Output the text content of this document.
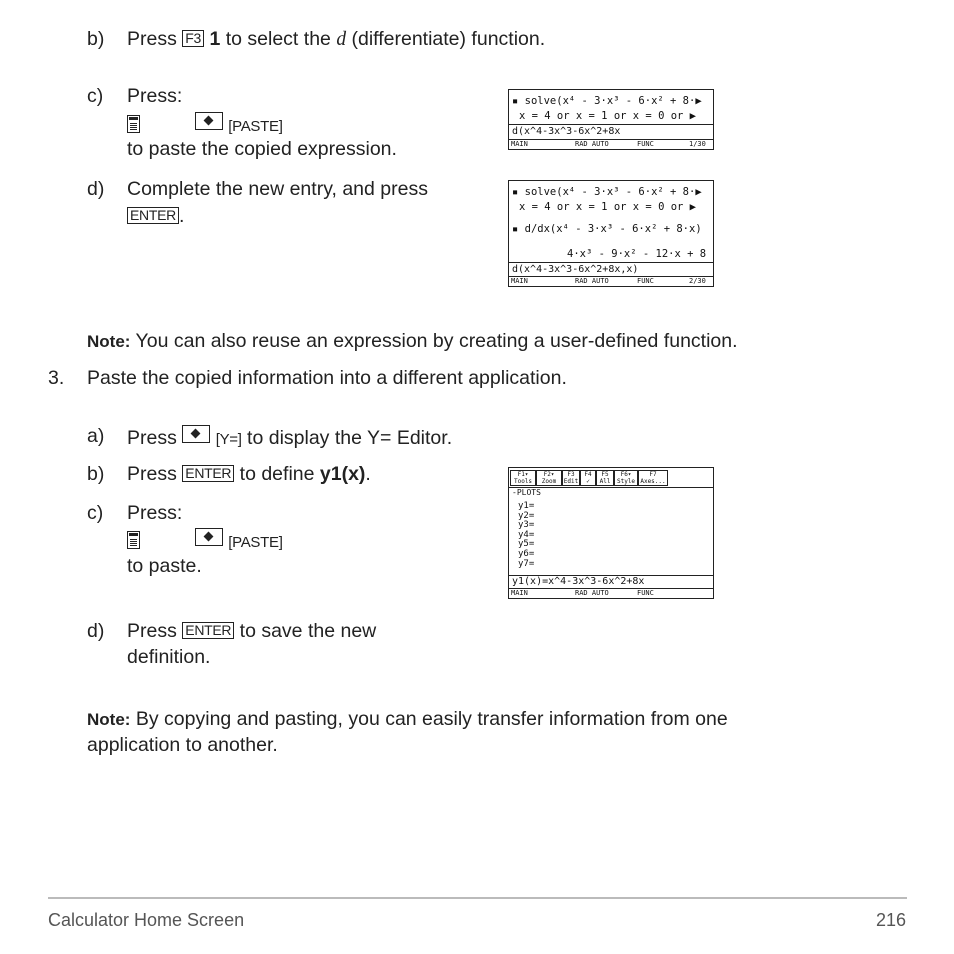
b) Press F3 1 to select the d (differentiate) function.
c) Press:

[PASTE]
to paste the copied expression.
d) Complete the new entry, and press
ENTER .
▪ solve(x⁴ - 3·x³ - 6·x² + 8·▶
x = 4 or x = 1 or x = 0 or ▶
d(x^4-3x^3-6x^2+8x
MAIN	RAD AUTO	FUNC	1/30
▪ solve(x⁴ - 3·x³ - 6·x² + 8·▶
x = 4 or x = 1 or x = 0 or ▶
▪ d/dx(x⁴ - 3·x³ - 6·x² + 8·x)
4·x³ - 9·x² - 12·x + 8
d(x^4-3x^3-6x^2+8x,x)
MAIN	RAD AUTO	FUNC	2/30
Note: You can also reuse an expression by creating a user-defined function.
3. Paste the copied information into a different application.
a) Press	[Y=] to display the Y= Editor.
b) Press ENTER to define y1(x).
c) Press:

[PASTE]
to paste.
F1▾ Tools
F2▾ Zoom
F3 Edit
F4 ✓
F5 All
F6▾ Style
F7 Axes...
-PLOTS
y1=
y2=
y3=
y4=
y5=
y6=
y7=
y1(x)=x^4-3x^3-6x^2+8x
MAIN	RAD AUTO	FUNC
d) Press ENTER to save the new
definition.
Note: By copying and pasting, you can easily transfer information from one
application to another.
Calculator Home Screen	216
